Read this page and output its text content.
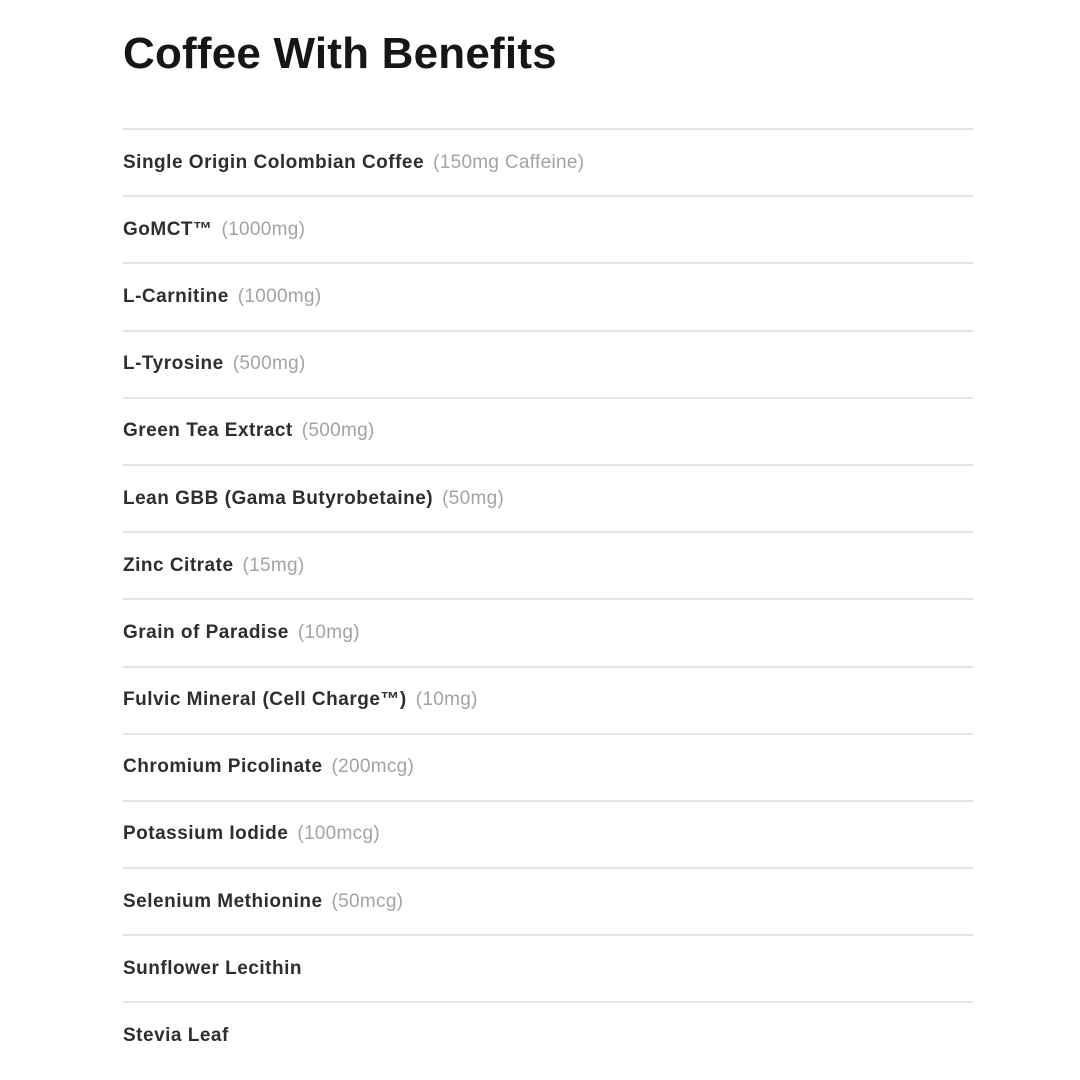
Coffee With Benefits
Single Origin Colombian Coffee (150mg Caffeine)
GoMCT™ (1000mg)
L-Carnitine (1000mg)
L-Tyrosine (500mg)
Green Tea Extract (500mg)
Lean GBB (Gama Butyrobetaine) (50mg)
Zinc Citrate (15mg)
Grain of Paradise (10mg)
Fulvic Mineral (Cell Charge™) (10mg)
Chromium Picolinate (200mcg)
Potassium Iodide (100mcg)
Selenium Methionine (50mcg)
Sunflower Lecithin
Stevia Leaf
